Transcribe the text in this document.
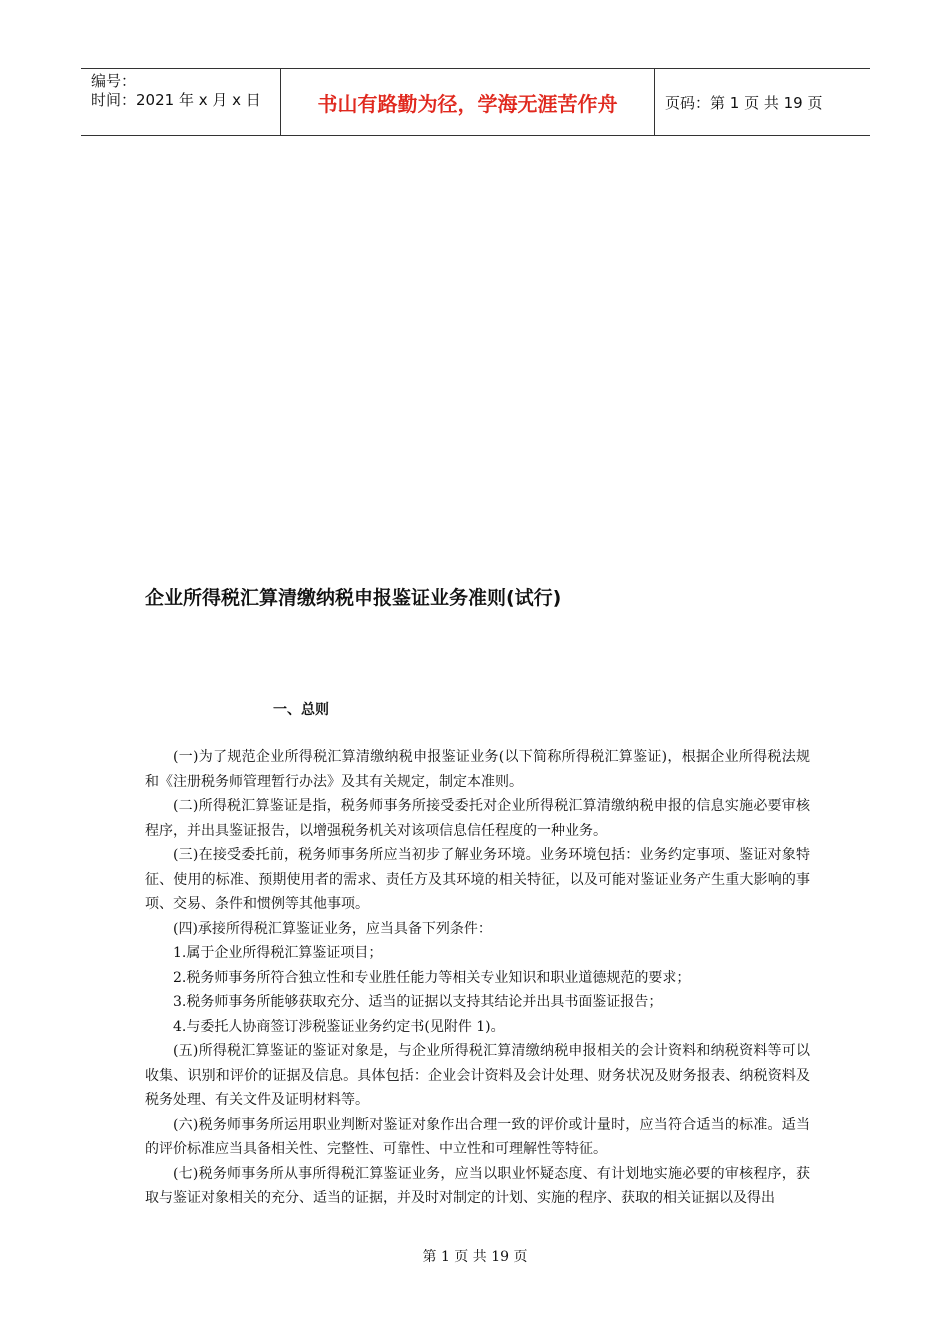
编号：
时间：2021 年 x 月 x 日	书山有路勤为径，学海无涯苦作舟	页码：第 1 页 共 19 页
企业所得税汇算清缴纳税申报鉴证业务准则(试行)
一、总则

(一)为了规范企业所得税汇算清缴纳税申报鉴证业务(以下简称所得税汇算鉴证)，根据企业所得税法规和《注册税务师管理暂行办法》及其有关规定，制定本准则。

(二)所得税汇算鉴证是指，税务师事务所接受委托对企业所得税汇算清缴纳税申报的信息实施必要审核程序，并出具鉴证报告，以增强税务机关对该项信息信任程度的一种业务。

(三)在接受委托前，税务师事务所应当初步了解业务环境。业务环境包括：业务约定事项、鉴证对象特征、使用的标准、预期使用者的需求、责任方及其环境的相关特征，以及可能对鉴证业务产生重大影响的事项、交易、条件和惯例等其他事项。

(四)承接所得税汇算鉴证业务，应当具备下列条件：

1.属于企业所得税汇算鉴证项目；

2.税务师事务所符合独立性和专业胜任能力等相关专业知识和职业道德规范的要求；

3.税务师事务所能够获取充分、适当的证据以支持其结论并出具书面鉴证报告；

4.与委托人协商签订涉税鉴证业务约定书(见附件 1)。

(五)所得税汇算鉴证的鉴证对象是，与企业所得税汇算清缴纳税申报相关的会计资料和纳税资料等可以收集、识别和评价的证据及信息。具体包括：企业会计资料及会计处理、财务状况及财务报表、纳税资料及税务处理、有关文件及证明材料等。

(六)税务师事务所运用职业判断对鉴证对象作出合理一致的评价或计量时，应当符合适当的标准。适当的评价标准应当具备相关性、完整性、可靠性、中立性和可理解性等特征。

(七)税务师事务所从事所得税汇算鉴证业务，应当以职业怀疑态度、有计划地实施必要的审核程序，获取与鉴证对象相关的充分、适当的证据，并及时对制定的计划、实施的程序、获取的相关证据以及得出

第 1 页 共 19 页
